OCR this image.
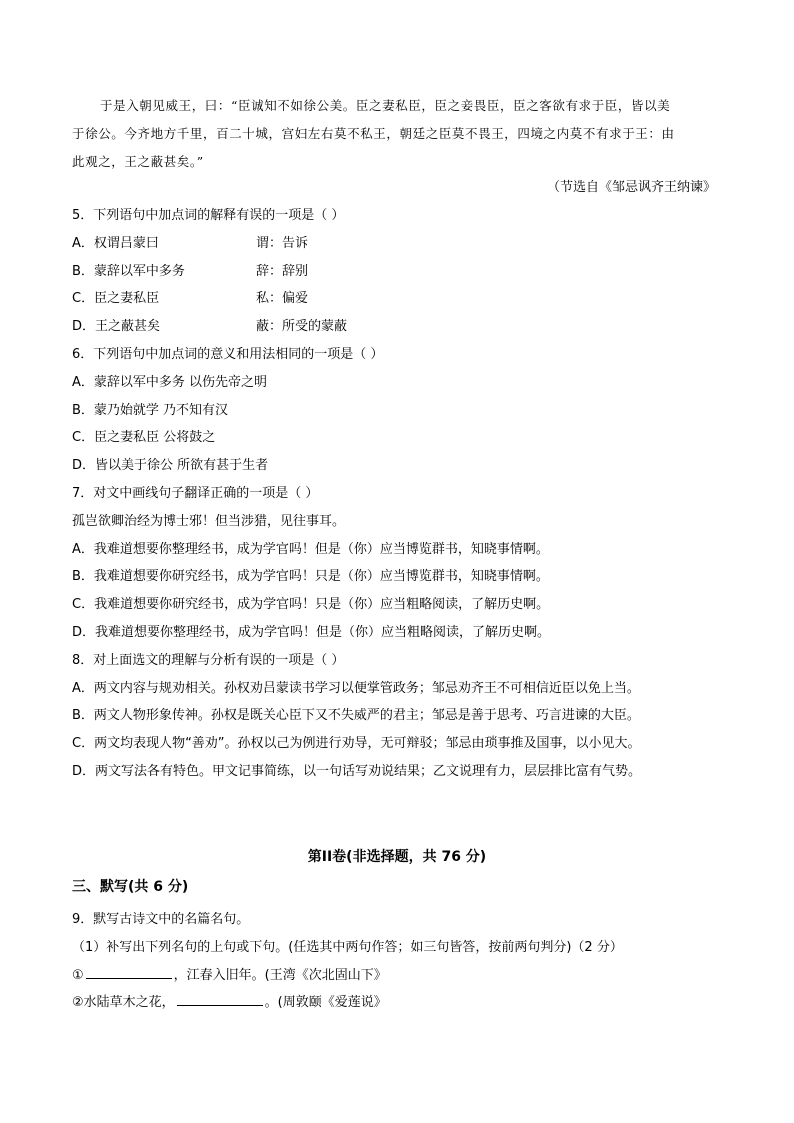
于是入朝见威王，曰：“臣诚知不如徐公美。臣之妻私臣，臣之妾畏臣，臣之客欲有求于臣，皆以美
于徐公。今齐地方千里，百二十城，宫妇左右莫不私王，朝廷之臣莫不畏王，四境之内莫不有求于王：由
此观之，王之蔽甚矣。”
（节选自《邹忌讽齐王纳谏》
5．下列语句中加点词的解释有误的一项是（ ）
A．权谓吕蒙曰	谓：告诉
B．蒙辞以军中多务	辞：辞别
C．臣之妻私臣	私：偏爱
D．王之蔽甚矣	蔽：所受的蒙蔽
6．下列语句中加点词的意义和用法相同的一项是（ ）
A．蒙辞以军中多务 以伤先帝之明
B．蒙乃始就学 乃不知有汉
C．臣之妻私臣 公将鼓之
D．皆以美于徐公 所欲有甚于生者
7．对文中画线句子翻译正确的一项是（ ）
孤岂欲卿治经为博士邪！但当涉猎，见往事耳。
A．我难道想要你整理经书，成为学官吗！但是（你）应当博览群书，知晓事情啊。
B．我难道想要你研究经书，成为学官吗！只是（你）应当博览群书，知晓事情啊。
C．我难道想要你研究经书，成为学官吗！只是（你）应当粗略阅读，了解历史啊。
D．我难道想要你整理经书，成为学官吗！但是（你）应当粗略阅读，了解历史啊。
8．对上面选文的理解与分析有误的一项是（ ）
A．两文内容与规劝相关。孙权劝吕蒙读书学习以便掌管政务；邹忌劝齐王不可相信近臣以免上当。
B．两文人物形象传神。孙权是既关心臣下又不失威严的君主；邹忌是善于思考、巧言进谏的大臣。
C．两文均表现人物“善劝”。孙权以己为例进行劝导，无可辩驳；邹忌由琐事推及国事，以小见大。
D．两文写法各有特色。甲文记事简练，以一句话写劝说结果；乙文说理有力，层层排比富有气势。
第II卷(非选择题，共 76 分)
三、默写(共 6 分)
9．默写古诗文中的名篇名句。
（1）补写出下列名句的上句或下句。(任选其中两句作答；如三句皆答，按前两句判分)（2 分）
①	，江春入旧年。(王湾《次北固山下》
②水陆草木之花，	。(周敦颐《爱莲说》
